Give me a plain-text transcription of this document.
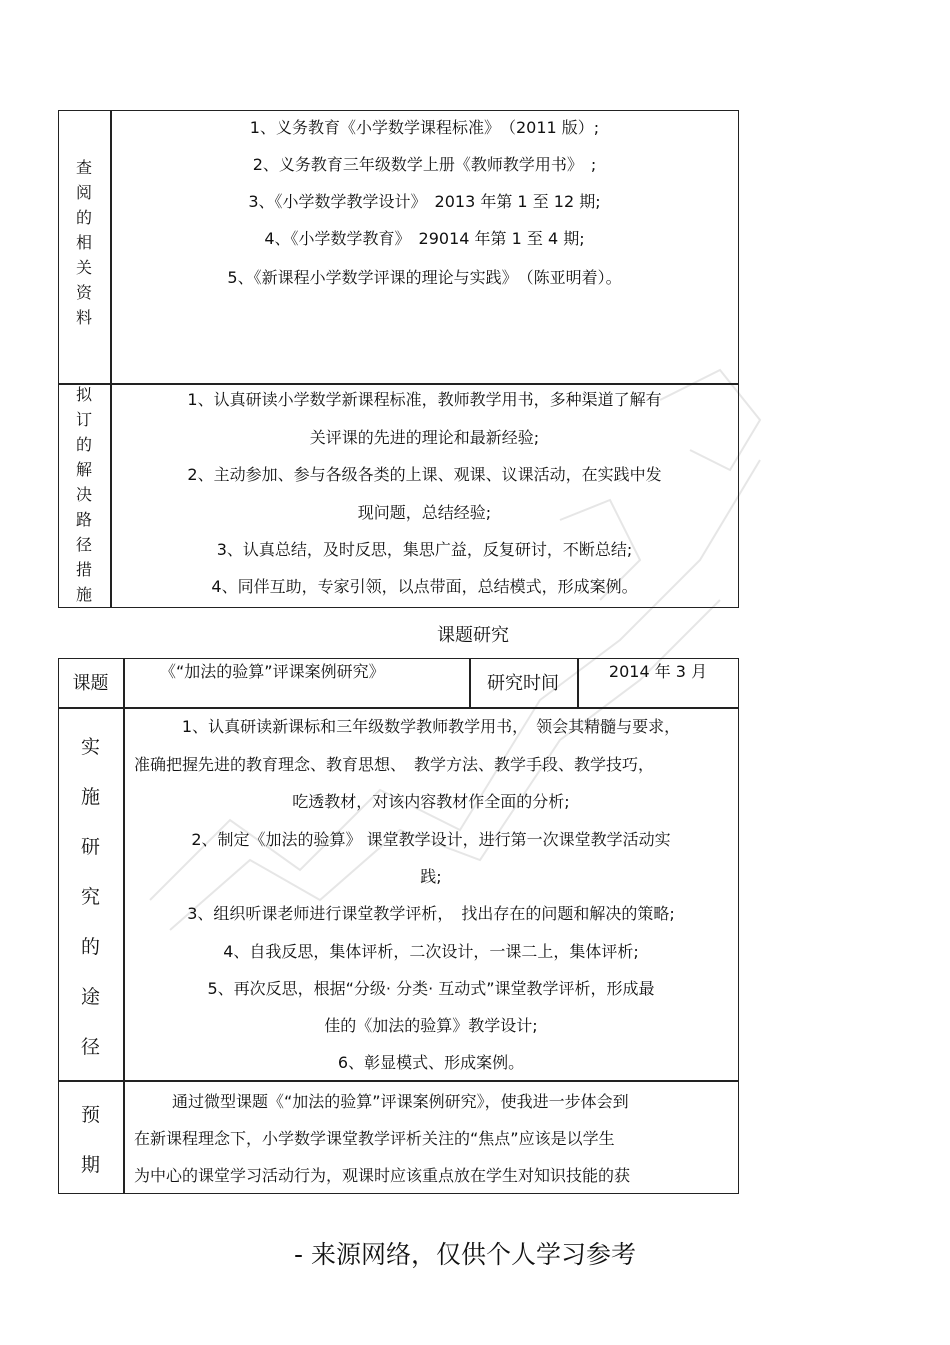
查
阅
的
相
关
资
料
1、义务教育《小学数学课程标准》　（2011 版）;
2、义务教育三年级数学上册《教师教学用书》　;
3、《小学数学教学设计》　2013 年第 1 至 12 期;
4、《小学数学教育》　29014 年第 1 至 4 期;
5、《新课程小学数学评课的理论与实践》　（陈亚明着）。
拟
订
的
解
决
路
径
措
施
1、认真研读小学数学新课程标准，教师教学用书，多种渠道了解有
关评课的先进的理论和最新经验;
2、主动参加、参与各级各类的上课、观课、议课活动，在实践中发
现问题，总结经验;
3、认真总结，及时反思，集思广益，反复研讨，不断总结;
4、同伴互助，专家引领，以点带面，总结模式，形成案例。
课题研究
课题
《“加法的验算”评课案例研究》
研究时间
2014 年 3 月
实
施
研
究
的
途
径
1、认真研读新课标和三年级数学教师教学用书，　领会其精髓与要求，
准确把握先进的教育理念、教育思想、　教学方法、教学手段、教学技巧，
吃透教材，对该内容教材作全面的分析;
2、制定《加法的验算》 课堂教学设计，进行第一次课堂教学活动实
践;
3、组织听课老师进行课堂教学评析，　找出存在的问题和解决的策略;
4、自我反思，集体评析，二次设计，一课二上，集体评析;
5、再次反思，根据“分级· 分类· 互动式”课堂教学评析，形成最
佳的《加法的验算》教学设计;
6、彰显模式、形成案例。
预
期
通过微型课题《“加法的验算”评课案例研究》，使我进一步体会到
在新课程理念下，小学数学课堂教学评析关注的“焦点”应该是以学生
为中心的课堂学习活动行为，观课时应该重点放在学生对知识技能的获
- 来源网络，仅供个人学习参考
